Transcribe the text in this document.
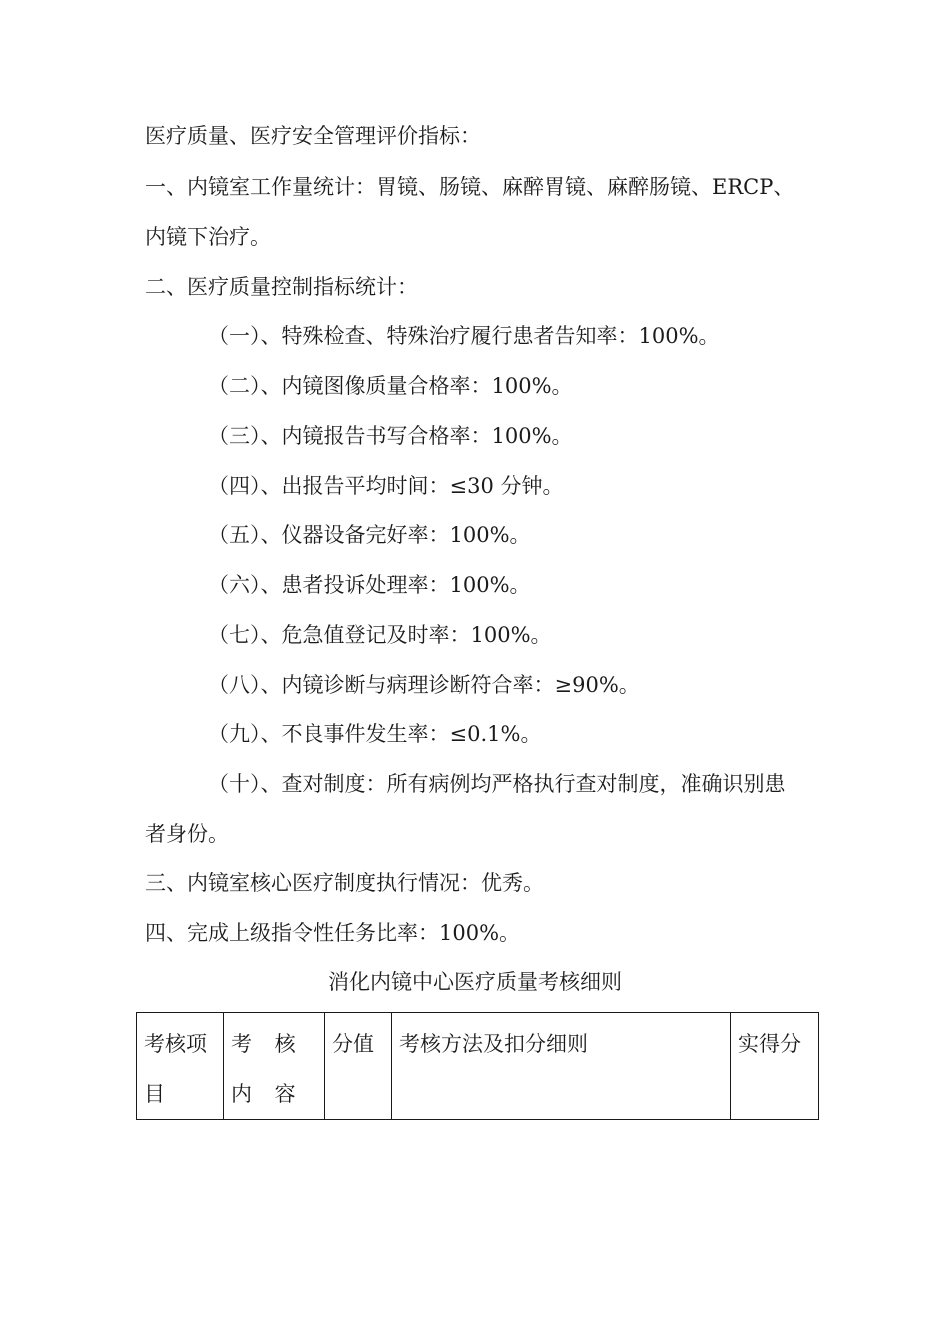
医疗质量、医疗安全管理评价指标：
一、内镜室工作量统计：胃镜、肠镜、麻醉胃镜、麻醉肠镜、ERCP、
内镜下治疗。
二、医疗质量控制指标统计：
（一）、特殊检查、特殊治疗履行患者告知率：100%。
（二）、内镜图像质量合格率：100%。
（三）、内镜报告书写合格率：100%。
（四）、出报告平均时间：≤30 分钟。
（五）、仪器设备完好率：100%。
（六）、患者投诉处理率：100%。
（七）、危急值登记及时率：100%。
（八）、内镜诊断与病理诊断符合率：≥90%。
（九）、不良事件发生率：≤0.1%。
（十）、查对制度：所有病例均严格执行查对制度，准确识别患
者身份。
三、内镜室核心医疗制度执行情况：优秀。
四、完成上级指令性任务比率：100%。
消化内镜中心医疗质量考核细则
考核项目	考 核 内 容	分值	考核方法及扣分细则	实得分
